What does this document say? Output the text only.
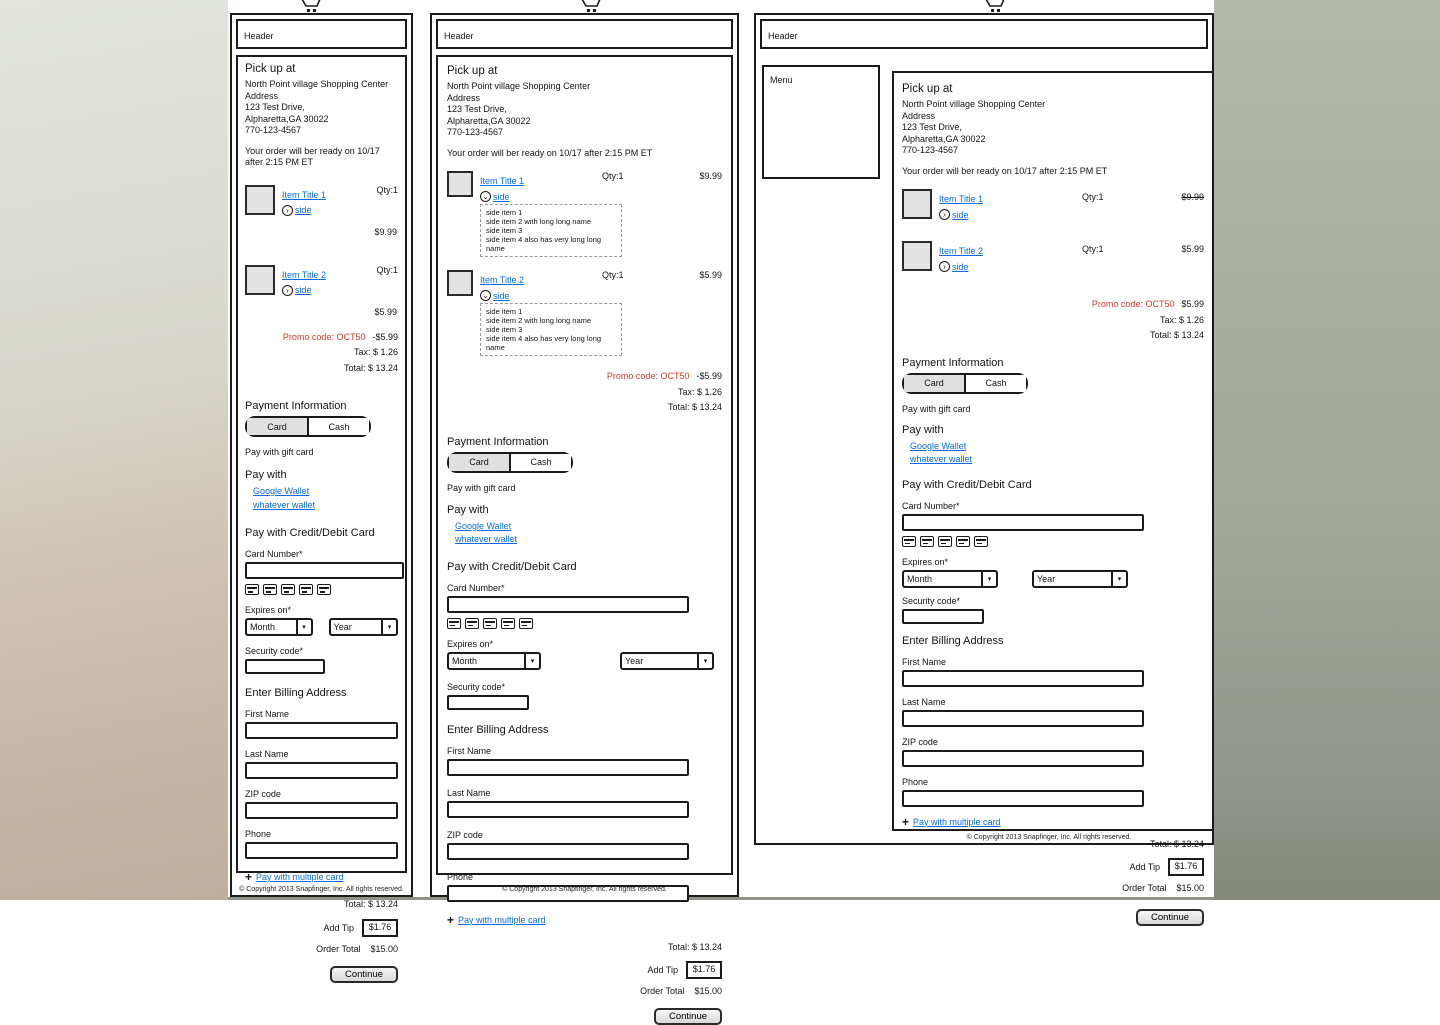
Header
Pick up at
North Point village Shopping Center
Address
123 Test Drive,
Alpharetta,GA 30022
770-123-4567
Your order will ber ready on 10/17 after 2:15 PM ET
Item Title 1
› side
Qty:1
$9.99
Item Title 2
› side
Qty:1
$5.99
Promo code: OCT50 -$5.99
Tax: $ 1.26
Total: $ 13.24
Payment Information
Card	Cash
Pay with gift card
Pay with
Google Wallet
whatever wallet
Pay with Credit/Debit Card
Card Number*
Expires on*
Month	▾	Year	▾
Security code*
Enter Billing Address
First Name
Last Name
ZIP code
Phone
+ Pay with multiple card
Total: $ 13.24
Add Tip	$1.76
Order Total $15.00
Continue
© Copyright 2013 Snapfinger, Inc. All rights reserved.
Header
Pick up at
North Point village Shopping Center
Address
123 Test Drive,
Alpharetta,GA 30022
770-123-4567
Your order will ber ready on 10/17 after 2:15 PM ET
Item Title 1
⌄ side
Qty:1	$9.99
side item 1
side item 2 with long long name
side item 3
side item 4 also has very long long name
Item Title 2
⌄ side
Qty:1	$5.99
side item 1
side item 2 with long long name
side item 3
side item 4 also has very long long name
Promo code: OCT50 -$5.99
Tax: $ 1.26
Total: $ 13.24
Payment Information
Card	Cash
Pay with gift card
Pay with
Google Wallet
whatever wallet
Pay with Credit/Debit Card
Card Number*
Expires on*
Month	▾	Year	▾
Security code*
Enter Billing Address
First Name
Last Name
ZIP code
Phone
+ Pay with multiple card
Total: $ 13.24
Add Tip	$1.76
Order Total $15.00
Continue
© Copyright 2013 Snapfinger, Inc. All rights reserved.
Header
Menu
Pick up at
North Point village Shopping Center
Address
123 Test Drive,
Alpharetta,GA 30022
770-123-4567
Your order will ber ready on 10/17 after 2:15 PM ET
Item Title 1
› side
Qty:1	$9.99
Item Title 2
› side
Qty:1	$5.99
Promo code: OCT50 $5.99
Tax: $ 1.26
Total: $ 13.24
Payment Information
Card	Cash
Pay with gift card
Pay with
Google Wallet
whatever wallet
Pay with Credit/Debit Card
Card Number*
Expires on*
Month	▾	Year	▾
Security code*
Enter Billing Address
First Name
Last Name
ZIP code
Phone
+ Pay with multiple card
Total: $ 13.24
Add Tip	$1.76
Order Total $15.00
Continue
© Copyright 2013 Snapfinger, Inc. All rights reserved.
